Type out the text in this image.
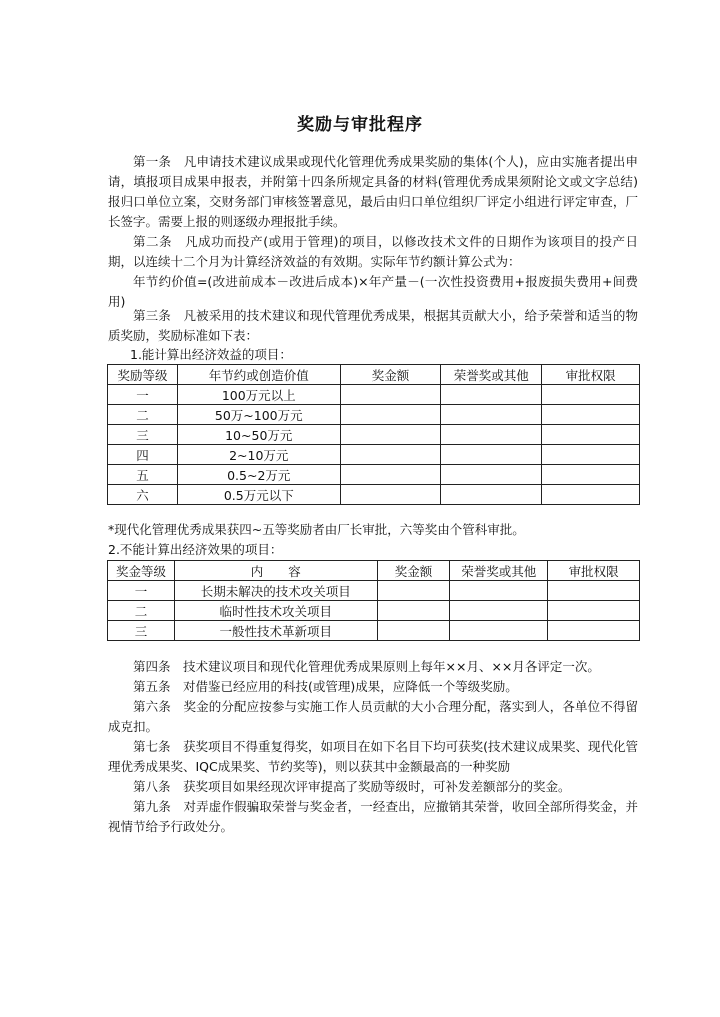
奖励与审批程序

第一条　凡申请技术建议成果或现代化管理优秀成果奖励的集体(个人)，应由实施者提出申请，填报项目成果申报表，并附第十四条所规定具备的材料(管理优秀成果须附论文或文字总结)报归口单位立案，交财务部门审核签署意见，最后由归口单位组织厂评定小组进行评定审查，厂长签字。需要上报的则逐级办理报批手续。

第二条　凡成功而投产(或用于管理)的项目，以修改技术文件的日期作为该项目的投产日期，以连续十二个月为计算经济效益的有效期。实际年节约额计算公式为：

年节约价值=(改进前成本－改进后成本)×年产量－(一次性投资费用+报废损失费用+间费用)

第三条　凡被采用的技术建议和现代管理优秀成果，根据其贡献大小，给予荣誉和适当的物质奖励，奖励标准如下表：

1.能计算出经济效益的项目：
奖励等级	年节约或创造价值	奖金额	荣誉奖或其他	审批权限
一	100万元以上			
二	50万~100万元			
三	10~50万元			
四	2~10万元			
五	0.5~2万元			
六	0.5万元以下			
*现代化管理优秀成果获四~五等奖励者由厂长审批，六等奖由个管科审批。
2.不能计算出经济效果的项目：
奖金等级	内　　容	奖金额	荣誉奖或其他	审批权限
一	长期未解决的技术攻关项目			
二	临时性技术攻关项目			
三	一般性技术革新项目			

第四条　技术建议项目和现代化管理优秀成果原则上每年××月、××月各评定一次。

第五条　对借鉴已经应用的科技(或管理)成果，应降低一个等级奖励。

第六条　奖金的分配应按参与实施工作人员贡献的大小合理分配，落实到人，各单位不得留成克扣。

第七条　获奖项目不得重复得奖，如项目在如下名目下均可获奖(技术建议成果奖、现代化管理优秀成果奖、IQC成果奖、节约奖等)，则以获其中金额最高的一种奖励

第八条　获奖项目如果经现次评审提高了奖励等级时，可补发差额部分的奖金。

第九条　对弄虚作假骗取荣誉与奖金者，一经查出，应撤销其荣誉，收回全部所得奖金，并视情节给予行政处分。
